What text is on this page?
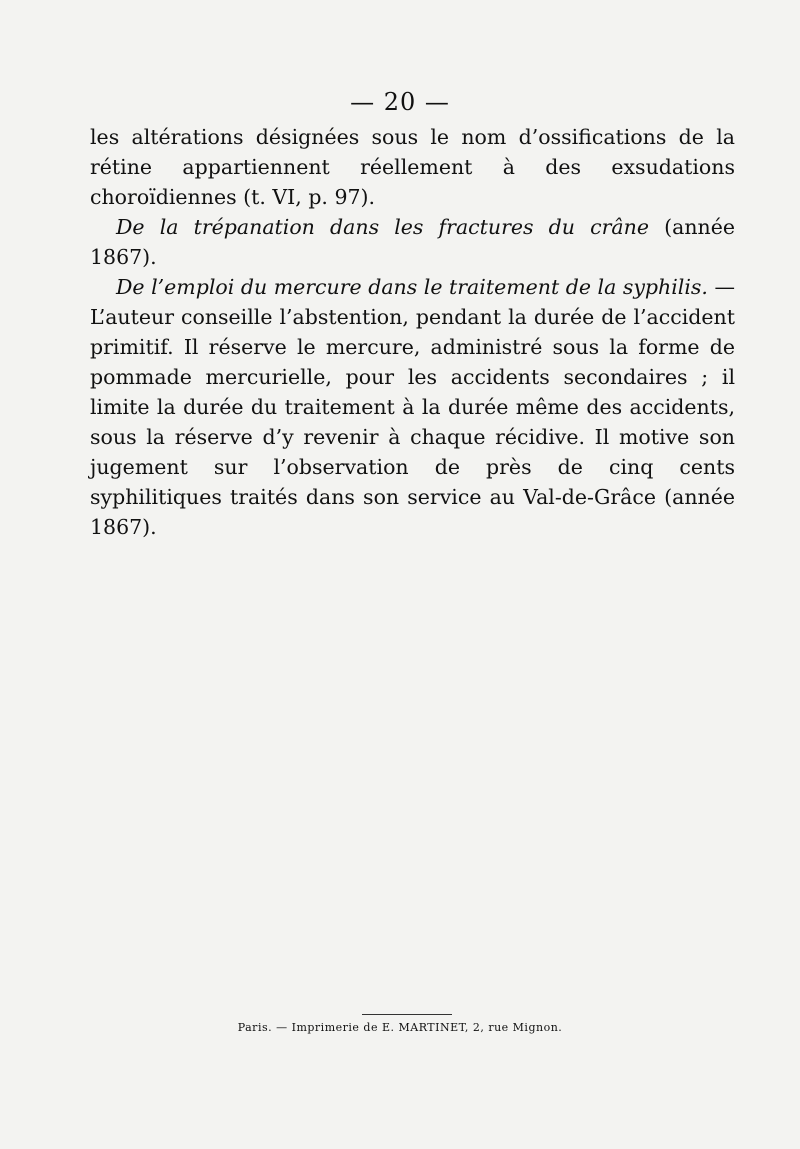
— 20 —

les altérations désignées sous le nom d’ossifications de la rétine appartiennent réellement à des exsudations choroïdiennes (t. VI, p. 97).

De la trépanation dans les fractures du crâne (année 1867).

De l’emploi du mercure dans le traitement de la syphilis. — L’auteur conseille l’abstention, pendant la durée de l’accident primitif. Il réserve le mercure, administré sous la forme de pommade mercurielle, pour les accidents secondaires ; il limite la durée du traitement à la durée même des accidents, sous la réserve d’y revenir à chaque récidive. Il motive son jugement sur l’observation de près de cinq cents syphilitiques traités dans son service au Val-de-Grâce (année 1867).

Paris. — Imprimerie de E. MARTINET, 2, rue Mignon.
